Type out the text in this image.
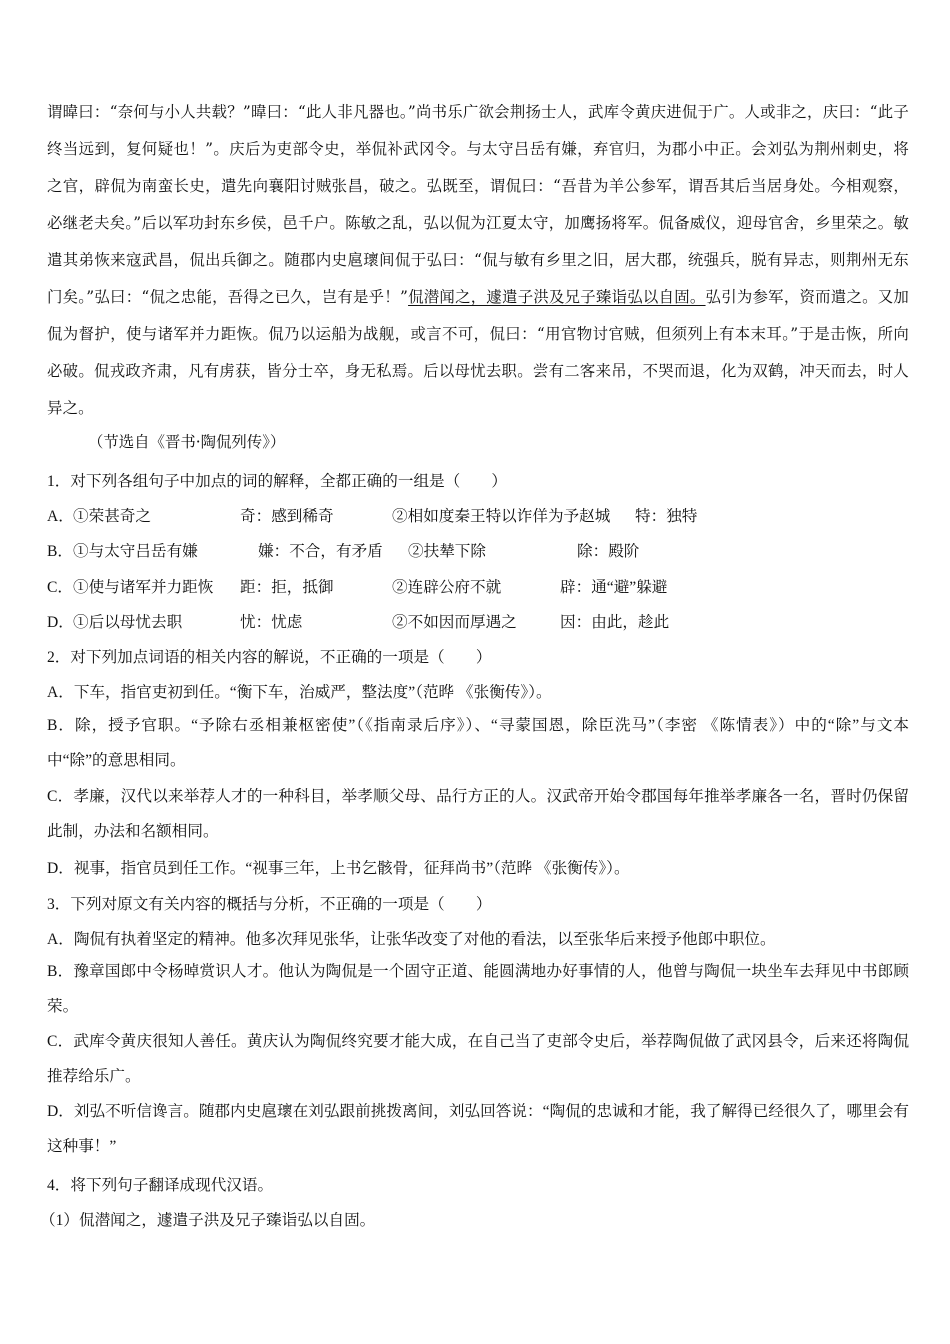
谓暐曰：“奈何与小人共载？”暐曰：“此人非凡器也。”尚书乐广欲会荆扬士人，武库令黄庆进侃于广。人或非之，庆曰：“此子终当远到，复何疑也！”。庆后为吏部令史，举侃补武冈令。与太守吕岳有嫌，弃官归，为郡小中正。会刘弘为荆州刺史，将之官，辟侃为南蛮长史，遣先向襄阳讨贼张昌，破之。弘既至，谓侃曰：“吾昔为羊公参军，谓吾其后当居身处。今相观察，必继老夫矣。”后以军功封东乡侯，邑千户。陈敏之乱，弘以侃为江夏太守，加鹰扬将军。侃备威仪，迎母官舍，乡里荣之。敏遣其弟恢来寇武昌，侃出兵御之。随郡内史扈瓌间侃于弘曰：“侃与敏有乡里之旧，居大郡，统强兵，脱有异志，则荆州无东门矣。”弘曰：“侃之忠能，吾得之已久，岂有是乎！”侃潜闻之，遽遣子洪及兄子臻诣弘以自固。弘引为参军，资而遣之。又加侃为督护，使与诸军并力距恢。侃乃以运船为战舰，或言不可，侃曰：“用官物讨官贼，但须列上有本末耳。”于是击恢，所向必破。侃戎政齐肃，凡有虏获，皆分士卒，身无私焉。后以母忧去职。尝有二客来吊，不哭而退，化为双鹤，冲天而去，时人异之。
（节选自《晋书·陶侃列传》）
1．对下列各组句子中加点的词的解释，全都正确的一组是（　　）
A． ①荣甚奇之	奇：感到稀奇	②相如度秦王特以诈佯为予赵城 特：独特
B． ①与太守吕岳有嫌	嫌：不合，有矛盾 ②扶辇下除	除：殿阶
C． ①使与诸军并力距恢 距：拒，抵御	②连辟公府不就	辟：通“避”躲避
D． ①后以母忧去职	忧：忧虑	②不如因而厚遇之	因：由此，趁此
2．对下列加点词语的相关内容的解说，不正确的一项是（　　）
A．下车，指官吏初到任。“衡下车，治威严，整法度”（范晔 《张衡传》）。
B．除，授予官职。“予除右丞相兼枢密使”（《指南录后序》）、“寻蒙国恩，除臣洗马”（李密 《陈情表》）中的“除”与文本中“除”的意思相同。
C．孝廉，汉代以来举荐人才的一种科目，举孝顺父母、品行方正的人。汉武帝开始令郡国每年推举孝廉各一名，晋时仍保留此制，办法和名额相同。
D．视事，指官员到任工作。“视事三年，上书乞骸骨，征拜尚书”（范晔 《张衡传》）。
3．下列对原文有关内容的概括与分析，不正确的一项是（　　）
A．陶侃有执着坚定的精神。他多次拜见张华，让张华改变了对他的看法，以至张华后来授予他郎中职位。
B．豫章国郎中令杨晫赏识人才。他认为陶侃是一个固守正道、能圆满地办好事情的人，他曾与陶侃一块坐车去拜见中书郎顾荣。
C．武库令黄庆很知人善任。黄庆认为陶侃终究要才能大成，在自己当了吏部令史后，举荐陶侃做了武冈县令，后来还将陶侃推荐给乐广。
D．刘弘不听信谗言。随郡内史扈瓌在刘弘跟前挑拨离间，刘弘回答说：“陶侃的忠诚和才能，我了解得已经很久了，哪里会有这种事！”
4．将下列句子翻译成现代汉语。
（1）侃潜闻之，遽遣子洪及兄子臻诣弘以自固。
